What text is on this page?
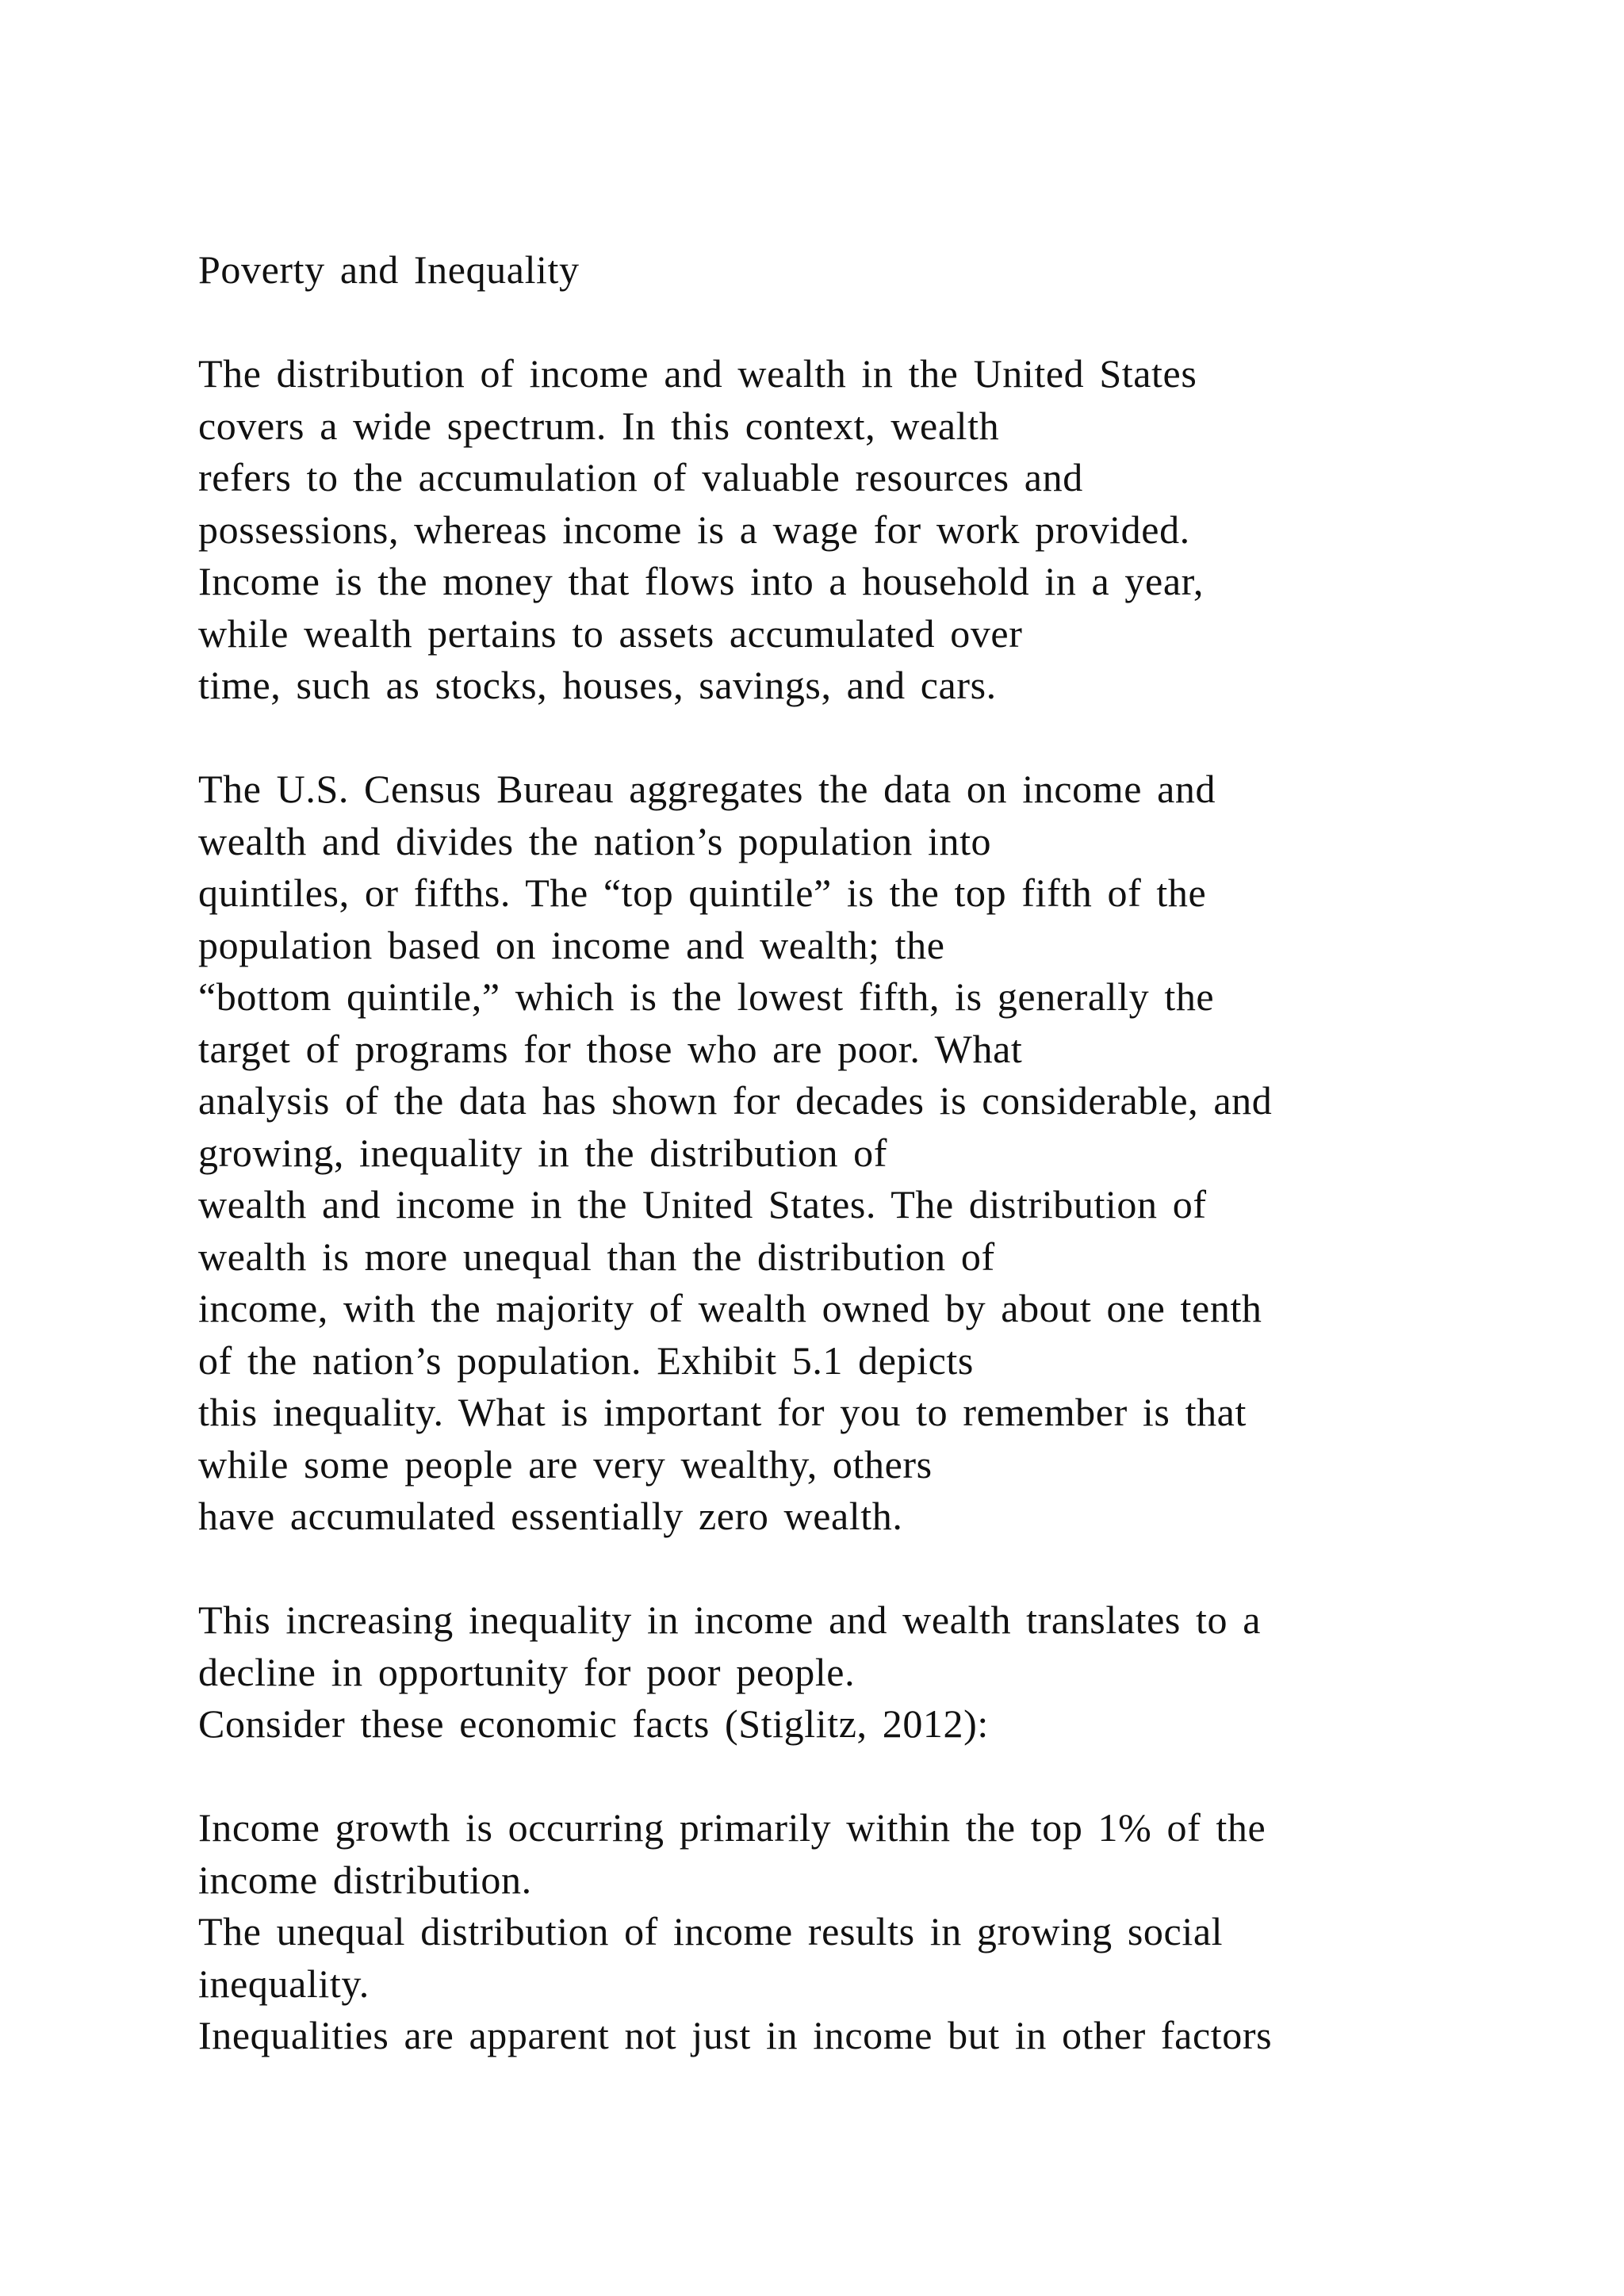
Poverty and Inequality
The distribution of income and wealth in the United States
covers a wide spectrum. In this context, wealth
refers to the accumulation of valuable resources and
possessions, whereas income is a wage for work provided.
Income is the money that flows into a household in a year,
while wealth pertains to assets accumulated over
time, such as stocks, houses, savings, and cars.
The U.S. Census Bureau aggregates the data on income and
wealth and divides the nation’s population into
quintiles, or fifths. The “top quintile” is the top fifth of the
population based on income and wealth; the
“bottom quintile,” which is the lowest fifth, is generally the
target of programs for those who are poor. What
analysis of the data has shown for decades is considerable, and
growing, inequality in the distribution of
wealth and income in the United States. The distribution of
wealth is more unequal than the distribution of
income, with the majority of wealth owned by about one tenth
of the nation’s population. Exhibit 5.1 depicts
this inequality. What is important for you to remember is that
while some people are very wealthy, others
have accumulated essentially zero wealth.
This increasing inequality in income and wealth translates to a
decline in opportunity for poor people.
Consider these economic facts (Stiglitz, 2012):
Income growth is occurring primarily within the top 1% of the
income distribution.
The unequal distribution of income results in growing social
inequality.
Inequalities are apparent not just in income but in other factors
